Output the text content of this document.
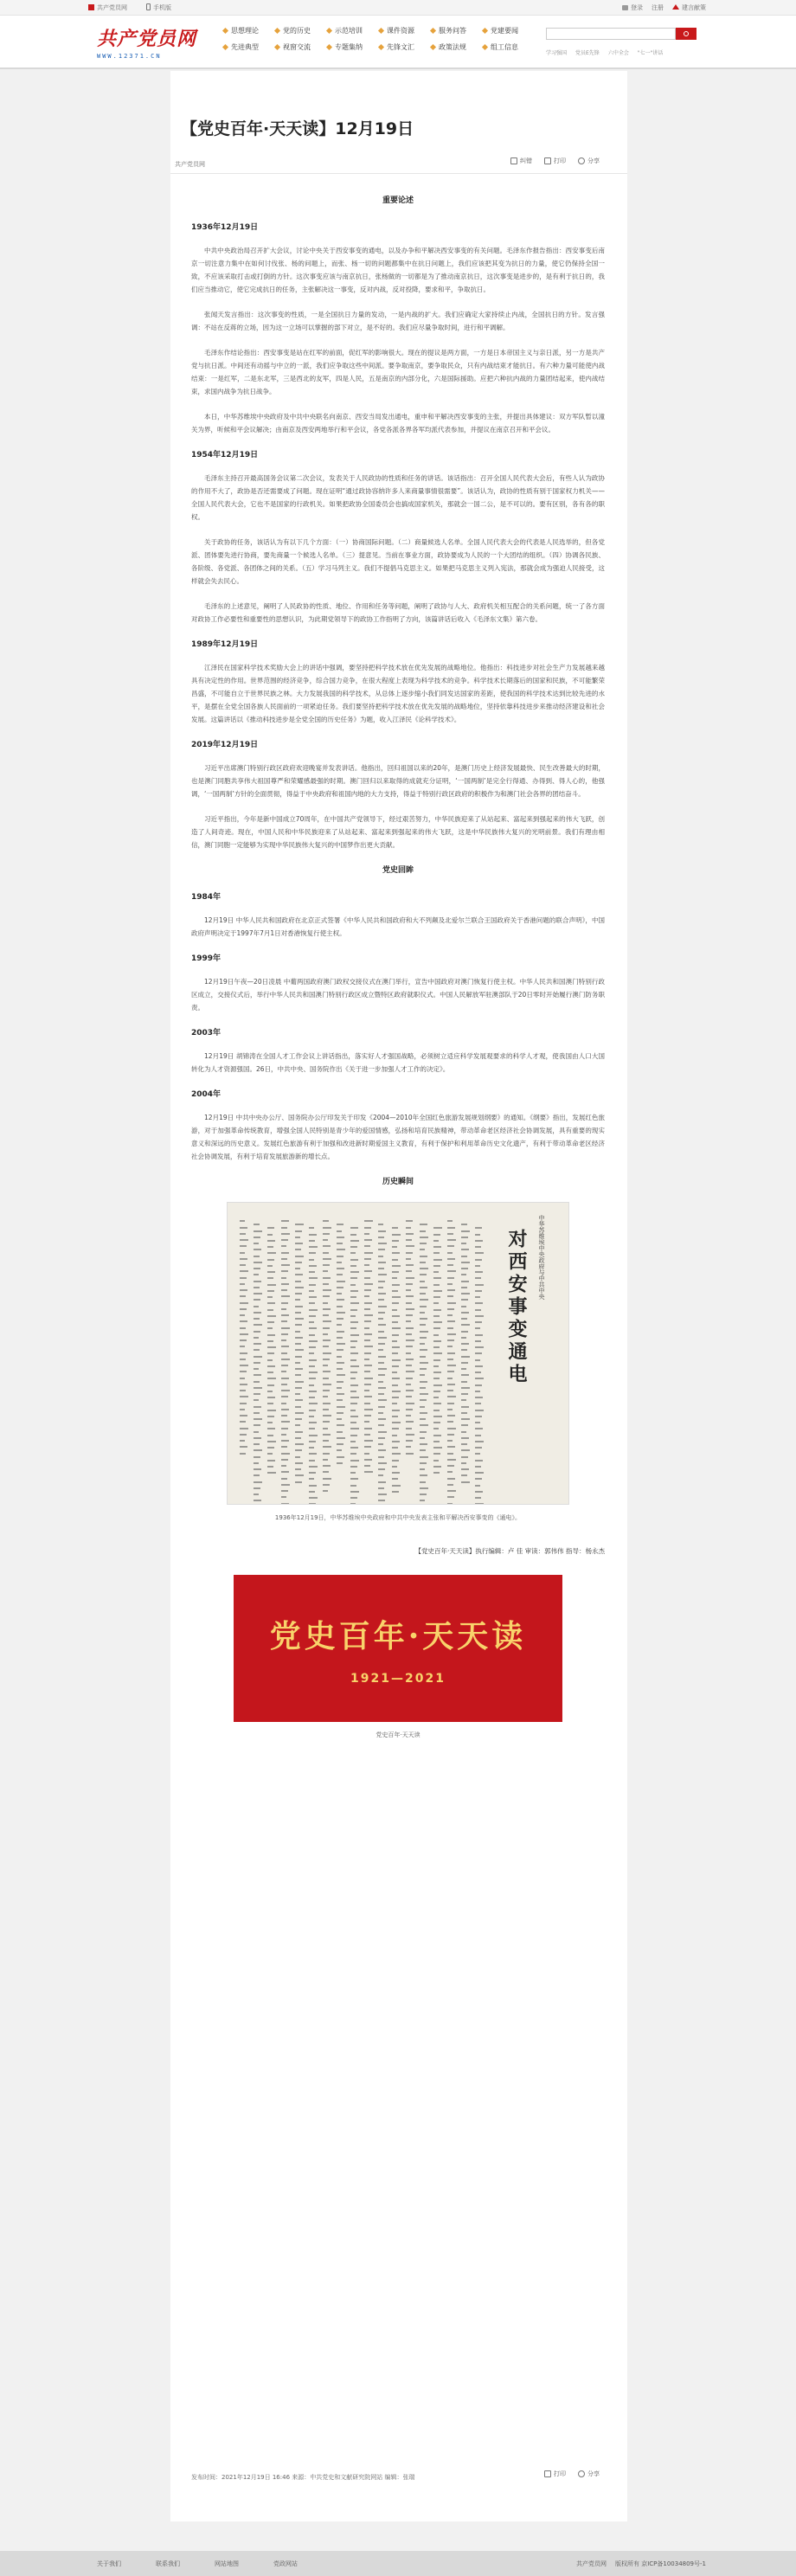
共产党员网	手机版	登录 注册	建言献策
共产党员网
WWW.12371.CN
思想理论	党的历史	示范培训	课件资源	服务问答	党建要闻
先进典型	视窗交流	专题集纳	先锋文汇	政策法规	组工信息
学习强国 党员E先锋 六中全会 "七一"讲话
【党史百年·天天读】12月19日
共产党员网	纠错	打印	分享
重要论述
1936年12月19日
中共中央政治局召开扩大会议，讨论中央关于西安事变的通电，以及办争和平解决西安事变的有关问题。毛泽东作报告指出：西安事变后南京一切注意力集中在如何讨伐张、杨的问题上，而张、杨一切的问题都集中在抗日问题上，我们应该把其变为抗日的力量，使它仍保持全国一致，不应该采取打击或打倒的方针。这次事变应该与南京抗日，张杨做的一切都是为了推动南京抗日，这次事变是进步的，是有利于抗日的，我们应当推动它，使它完成抗日的任务，主张解决这一事变，反对内战，反对投降，要求和平，争取抗日。
张闻天发言指出：这次事变的性质，一是全国抗日力量的发动，一是内战的扩大。我们应确定大家持续止内战，全国抗日的方针。发言强调：不站在反蒋的立场，因为这一立场可以掌握的部下对立，是不好的。我们应尽量争取时间，进行和平调解。
毛泽东作结论指出：西安事变是站在红军的前面，促红军的影响很大。现在的提议是两方面，一方是日本帝国主义与亲日派，另一方是共产党与抗日派。中间还有动摇与中立的一派，我们应争取这些中间派。要争取南京，要争取民众，只有内战结束才能抗日。有六种力量可能使内战结束：一是红军，二是东北军，三是西北的友军，四是人民，五是南京的内部分化，六是国际援助。应把六种抗内战的力量团结起来，使内战结束，求国内战争为抗日战争。
本日，中华苏维埃中央政府及中共中央联名向南京、西安当局发出通电，重申和平解决西安事变的主张，并提出具体建议：双方军队暂以潼关为界，听候和平会议解决；由南京及西安两地举行和平会议，各党各派各界各军均派代表参加，并提议在南京召开和平会议。
1954年12月19日
毛泽东主持召开最高国务会议第二次会议，发表关于人民政协的性质和任务的讲话。该话指出：召开全国人民代表大会后，有些人认为政协的作用不大了，政协是否还需要成了问题。现在证明“通过政协容纳许多人来商量事情很需要”。该话认为，政协的性质有别于国家权力机关——全国人民代表大会，它也不是国家的行政机关。如果把政协全国委员会也搞成国家机关，那就会一国二公，是不可以的。要有区别，各有各的职权。
关于政协的任务，该话认为有以下几个方面：（一）协商国际问题。（二）商量候选人名单。全国人民代表大会的代表是人民选举的，但各党派、团体要先进行协商，要先商量一个候选人名单。（三）提意见。当前在事业方面，政协要成为人民的一个大团结的组织。（四）协调各民族、各阶级、各党派、各团体之间的关系。（五）学习马列主义。我们不提倡马克思主义。如果把马克思主义列入宪法，那就会成为强迫人民接受，这样就会失去民心。
毛泽东的上述意见，阐明了人民政协的性质、地位、作用和任务等问题，阐明了政协与人大、政府机关相互配合的关系问题，统一了各方面对政协工作必要性和重要性的思想认识，为此期党领导下的政协工作指明了方向，该篇讲话后收入《毛泽东文集》第六卷。
1989年12月19日
江泽民在国家科学技术奖励大会上的讲话中强调，要坚持把科学技术放在优先发展的战略地位。他指出：科技进步对社会生产力发展越来越具有决定性的作用。世界范围的经济竞争，综合国力竞争，在很大程度上表现为科学技术的竞争。科学技术长期落后的国家和民族，不可能繁荣昌盛，不可能自立于世界民族之林。大力发展我国的科学技术，从总体上逐步缩小我们同发达国家的差距，使我国的科学技术达到比较先进的水平，是摆在全党全国各族人民面前的一项紧迫任务。我们要坚持把科学技术放在优先发展的战略地位，坚持依靠科技进步来推动经济建设和社会发展。这篇讲话以《推动科技进步是全党全国的历史任务》为题，收入江泽民《论科学技术》。
2019年12月19日
习近平出席澳门特别行政区政府欢迎晚宴并发表讲话。他指出，回归祖国以来的20年，是澳门历史上经济发展最快、民生改善最大的时期，也是澳门同胞共享伟大祖国尊严和荣耀感最强的时期。澳门回归以来取得的成就充分证明，‘一国两制’是完全行得通、办得到、得人心的，他强调，‘一国两制’方针的全面贯彻，得益于中央政府和祖国内地的大力支持，得益于特别行政区政府的积极作为和澳门社会各界的团结奋斗。
习近平指出，今年是新中国成立70周年，在中国共产党领导下，经过艰苦努力，中华民族迎来了从站起来、富起来到强起来的伟大飞跃，创造了人间奇迹。现在，中国人民和中华民族迎来了从站起来、富起来到强起来的伟大飞跃，这是中华民族伟大复兴的光明前景。我们有理由相信，澳门同胞一定能够为实现中华民族伟大复兴的中国梦作出更大贡献。
党史回眸
1984年
12月19日 中华人民共和国政府在北京正式签署《中华人民共和国政府和大不列颠及北爱尔兰联合王国政府关于香港问题的联合声明》，中国政府声明决定于1997年7月1日对香港恢复行使主权。
1999年
12月19日午夜—20日凌晨 中葡两国政府澳门政权交接仪式在澳门举行，宣告中国政府对澳门恢复行使主权。中华人民共和国澳门特别行政区成立，交接仪式后，举行中华人民共和国澳门特别行政区成立暨特区政府就职仪式。中国人民解放军驻澳部队于20日零时开始履行澳门防务职责。
2003年
12月19日 胡锦涛在全国人才工作会议上讲话指出，落实好人才强国战略，必须树立适应科学发展观要求的科学人才观，使我国由人口大国转化为人才资源强国。26日，中共中央、国务院作出《关于进一步加强人才工作的决定》。
2004年
12月19日 中共中央办公厅、国务院办公厅印发关于印发《2004—2010年全国红色旅游发展规划纲要》的通知。《纲要》指出，发展红色旅游，对于加强革命传统教育，增强全国人民特别是青少年的爱国情感，弘扬和培育民族精神，带动革命老区经济社会协调发展，具有重要的现实意义和深远的历史意义。发展红色旅游有利于加强和改进新时期爱国主义教育，有利于保护和利用革命历史文化遗产，有利于带动革命老区经济社会协调发展，有利于培育发展旅游新的增长点。
历史瞬间
中华苏维埃中央政府与中共中央
对西安事变通电
1936年12月19日，中华苏维埃中央政府和中共中央发表主张和平解决西安事变的《通电》。
【党史百年·天天读】执行编辑：卢 佳 审读：郭伟伟 指导：杨永杰
党史百年·天天读
1921—2021
党史百年·天天读
发布时间：2021年12月19日 16:46 来源：中共党史和文献研究院网站 编辑：张瑞	打印	分享
关于我们	联系我们	网站地图	党政网站	共产党员网 版权所有 京ICP备10034809号-1
